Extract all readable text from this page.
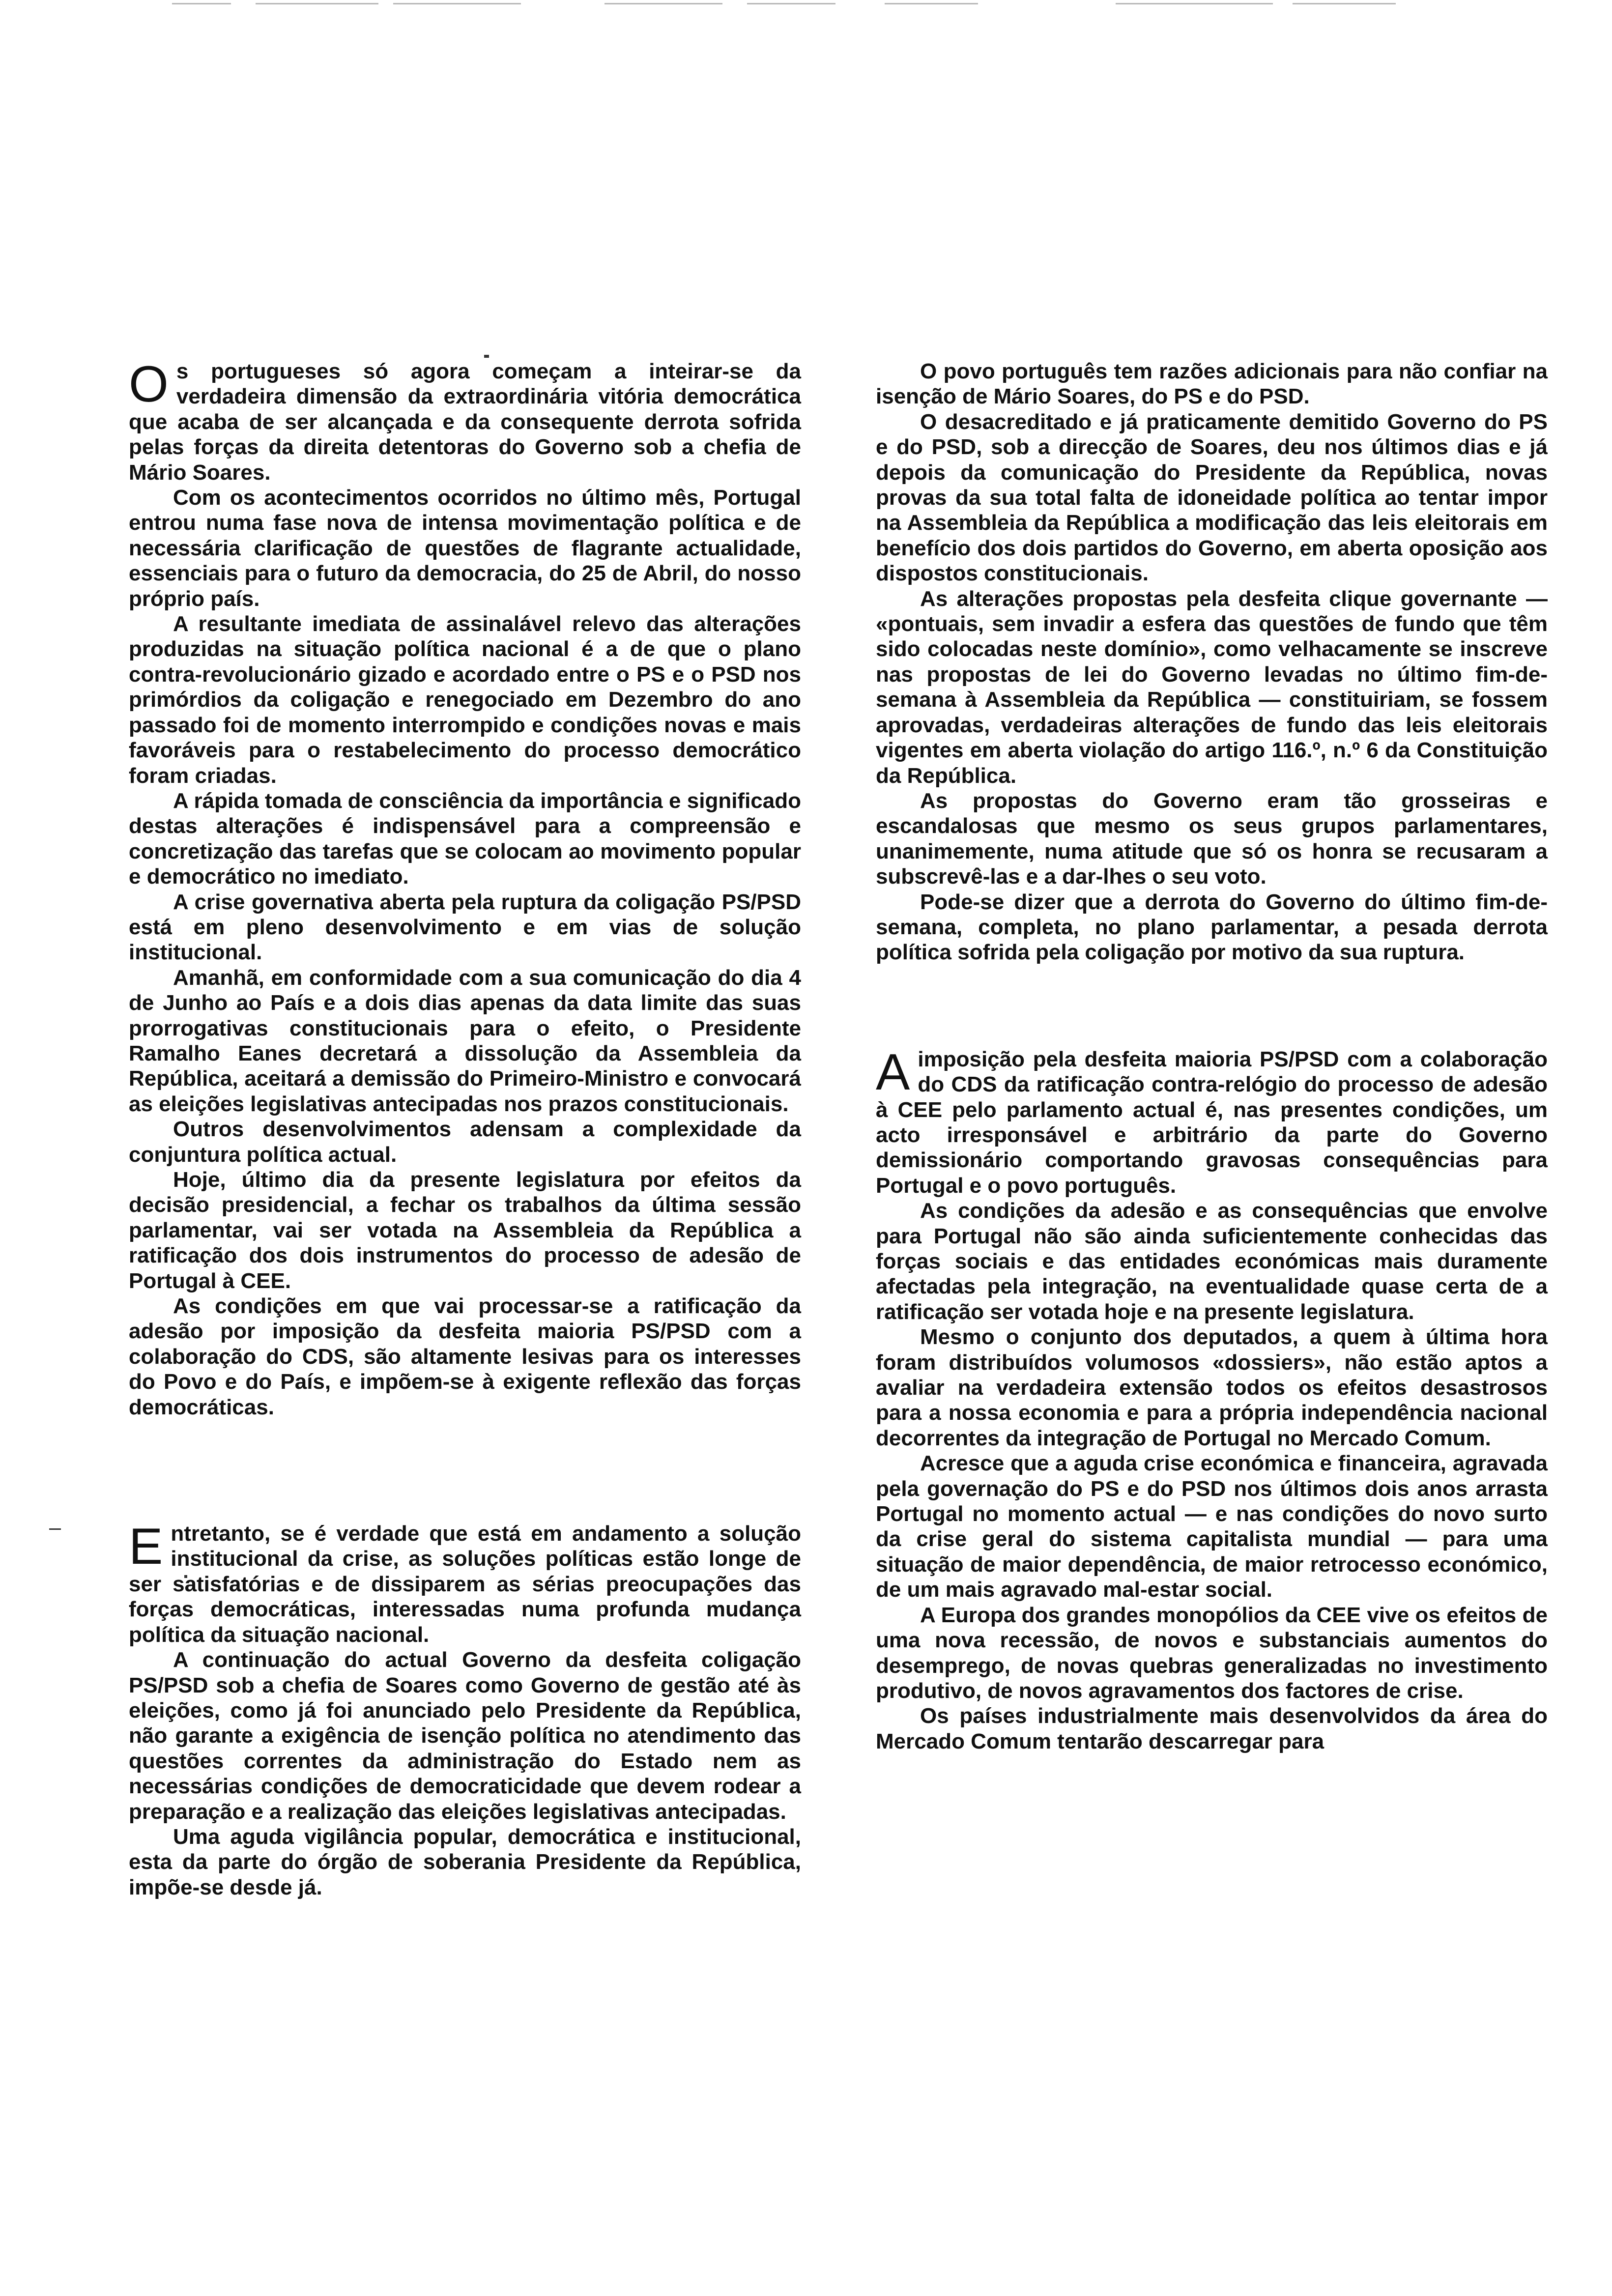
Os portugueses só agora começam a inteirar-se da verdadeira dimensão da extraordinária vitória democrática que acaba de ser alcançada e da consequente derrota sofrida pelas forças da direita detentoras do Governo sob a chefia de Mário Soares.

Com os acontecimentos ocorridos no último mês, Portugal entrou numa fase nova de intensa movimentação política e de necessária clarificação de questões de flagrante actualidade, essenciais para o futuro da democracia, do 25 de Abril, do nosso próprio país.

A resultante imediata de assinalável relevo das alterações produzidas na situação política nacional é a de que o plano contra-revolucionário gizado e acordado entre o PS e o PSD nos primórdios da coligação e renegociado em Dezembro do ano passado foi de momento interrompido e condições novas e mais favoráveis para o restabelecimento do processo democrático foram criadas.

A rápida tomada de consciência da importância e significado destas alterações é indispensável para a compreensão e concretização das tarefas que se colocam ao movimento popular e democrático no imediato.

A crise governativa aberta pela ruptura da coligação PS/PSD está em pleno desenvolvimento e em vias de solução institucional.

Amanhã, em conformidade com a sua comunicação do dia 4 de Junho ao País e a dois dias apenas da data limite das suas prorrogativas constitucionais para o efeito, o Presidente Ramalho Eanes decretará a dissolução da Assembleia da República, aceitará a demissão do Primeiro-Ministro e convocará as eleições legislativas antecipadas nos prazos constitucionais.

Outros desenvolvimentos adensam a complexidade da conjuntura política actual.

Hoje, último dia da presente legislatura por efeitos da decisão presidencial, a fechar os trabalhos da última sessão parlamentar, vai ser votada na Assembleia da República a ratificação dos dois instrumentos do processo de adesão de Portugal à CEE.

As condições em que vai processar-se a ratificação da adesão por imposição da desfeita maioria PS/PSD com a colaboração do CDS, são altamente lesivas para os interesses do Povo e do País, e impõem-se à exigente reflexão das forças democráticas.

Entretanto, se é verdade que está em andamento a solução institucional da crise, as soluções políticas estão longe de ser satisfatórias e de dissiparem as sérias preocupações das forças democráticas, interessadas numa profunda mudança política da situação nacional.

A continuação do actual Governo da desfeita coligação PS/PSD sob a chefia de Soares como Governo de gestão até às eleições, como já foi anunciado pelo Presidente da República, não garante a exigência de isenção política no atendimento das questões correntes da administração do Estado nem as necessárias condições de democraticidade que devem rodear a preparação e a realização das eleições legislativas antecipadas.

Uma aguda vigilância popular, democrática e institucional, esta da parte do órgão de soberania Presidente da República, impõe-se desde já.

O povo português tem razões adicionais para não confiar na isenção de Mário Soares, do PS e do PSD.

O desacreditado e já praticamente demitido Governo do PS e do PSD, sob a direcção de Soares, deu nos últimos dias e já depois da comunicação do Presidente da República, novas provas da sua total falta de idoneidade política ao tentar impor na Assembleia da República a modificação das leis eleitorais em benefício dos dois partidos do Governo, em aberta oposição aos dispostos constitucionais.

As alterações propostas pela desfeita clique governante — «pontuais, sem invadir a esfera das questões de fundo que têm sido colocadas neste domínio», como velhacamente se inscreve nas propostas de lei do Governo levadas no último fim-de-semana à Assembleia da República — constituiriam, se fossem aprovadas, verdadeiras alterações de fundo das leis eleitorais vigentes em aberta violação do artigo 116.º, n.º 6 da Constituição da República.

As propostas do Governo eram tão grosseiras e escandalosas que mesmo os seus grupos parlamentares, unanimemente, numa atitude que só os honra se recusaram a subscrevê-las e a dar-lhes o seu voto.

Pode-se dizer que a derrota do Governo do último fim-de-semana, completa, no plano parlamentar, a pesada derrota política sofrida pela coligação por motivo da sua ruptura.

Aimposição pela desfeita maioria PS/PSD com a colaboração do CDS da ratificação contra-relógio do processo de adesão à CEE pelo parlamento actual é, nas presentes condições, um acto irresponsável e arbitrário da parte do Governo demissionário comportando gravosas consequências para Portugal e o povo português.

As condições da adesão e as consequências que envolve para Portugal não são ainda suficientemente conhecidas das forças sociais e das entidades económicas mais duramente afectadas pela integração, na eventualidade quase certa de a ratificação ser votada hoje e na presente legislatura.

Mesmo o conjunto dos deputados, a quem à última hora foram distribuídos volumosos «dossiers», não estão aptos a avaliar na verdadeira extensão todos os efeitos desastrosos para a nossa economia e para a própria independência nacional decorrentes da integração de Portugal no Mercado Comum.

Acresce que a aguda crise económica e financeira, agravada pela governação do PS e do PSD nos últimos dois anos arrasta Portugal no momento actual — e nas condições do novo surto da crise geral do sistema capitalista mundial — para uma situação de maior dependência, de maior retrocesso económico, de um mais agravado mal-estar social.

A Europa dos grandes monopólios da CEE vive os efeitos de uma nova recessão, de novos e substanciais aumentos do desemprego, de novas quebras generalizadas no investimento produtivo, de novos agravamentos dos factores de crise.

Os países industrialmente mais desenvolvidos da área do Mercado Comum tentarão descarregar para
